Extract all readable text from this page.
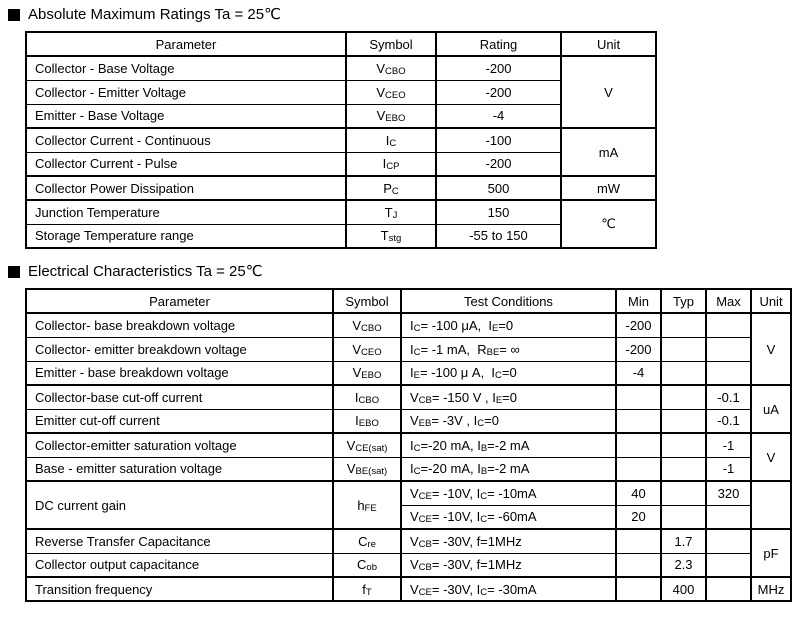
Absolute Maximum Ratings Ta = 25℃
Parameter	Symbol	Rating	Unit
Collector - Base Voltage	$V_{CBO}$	-200	V
Collector - Emitter Voltage	$V_{CEO}$	-200	
Emitter - Base Voltage	$V_{EBO}$	-4	
Collector Current - Continuous	$I_C$	-100	mA
Collector Current - Pulse	$I_{CP}$	-200	
Collector Power Dissipation	$P_C$	500	mW
Junction Temperature	$T_J$	150	℃
Storage Temperature range	$T_{stg}$	-55 to 150	
Electrical Characteristics Ta = 25℃
Parameter	Symbol	Test Conditions	Min	Typ	Max	Unit
Collector- base breakdown voltage	$V_{CBO}$	$I_C= -100$ μA,  $I_E=0$	-200			V
Collector- emitter breakdown voltage	$V_{CEO}$	$I_C= -1$ mA,  $R_{BE}=$ ∞	-200			
Emitter - base breakdown voltage	$V_{EBO}$	$I_E= -100$ μ A,  $I_C=0$	-4			
Collector-base cut-off current	$I_{CBO}$	$V_{CB}= -150$ V , $I_E=0$			-0.1	uA
Emitter cut-off current	$I_{EBO}$	$V_{EB}= -3V$ , $I_C=0$			-0.1	
Collector-emitter saturation voltage	$V_{CE(sat)}$	$I_C=-20$ mA, $I_B=-2$ mA			-1	V
Base - emitter saturation voltage	$V_{BE(sat)}$	$I_C=-20$ mA, $I_B=-2$ mA			-1	
DC current gain	$h_{FE}$	$V_{CE}= -10V$, $I_C= -10mA$	40		320	
		$V_{CE}= -10V$, $I_C= -60mA$	20			
Reverse Transfer Capacitance	$C_{re}$	$V_{CB}= -30V$, f=1MHz		1.7		pF
Collector output capacitance	$C_{ob}$	$V_{CB}= -30V$, f=1MHz		2.3		
Transition frequency	$f_T$	$V_{CE}= -30V$, $I_C= -30mA$		400		MHz
